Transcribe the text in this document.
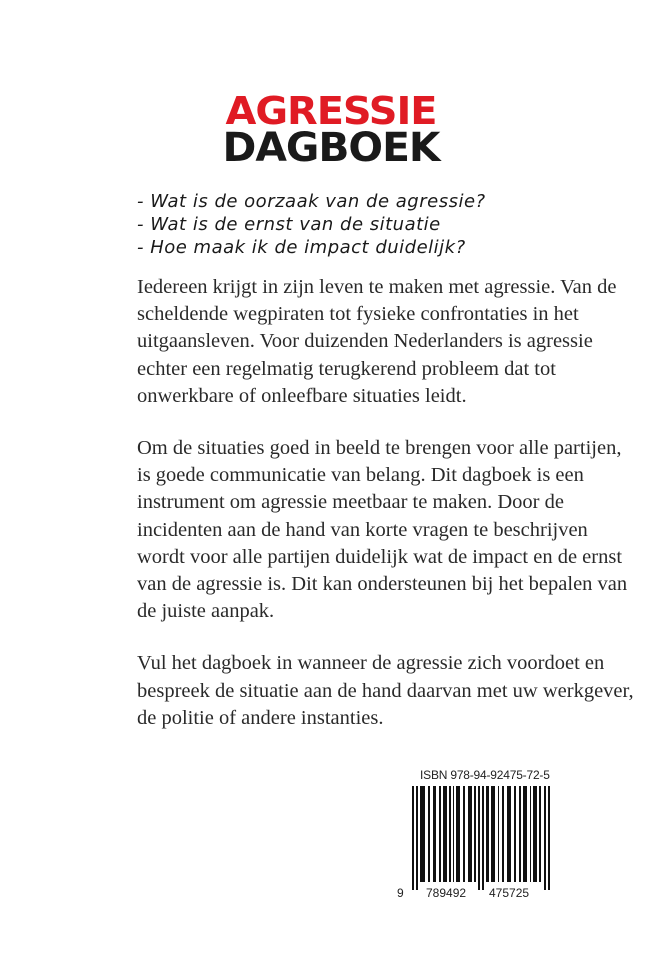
AGRESSIE
DAGBOEK
- Wat is de oorzaak van de agressie?
- Wat is de ernst van de situatie
- Hoe maak ik de impact duidelijk?

Iedereen krijgt in zijn leven te maken met agressie. Van de
scheldende wegpiraten tot fysieke confrontaties in het
uitgaansleven. Voor duizenden Nederlanders is agressie
echter een regelmatig terugkerend probleem dat tot
onwerkbare of onleefbare situaties leidt.

Om de situaties goed in beeld te brengen voor alle partijen,
is goede communicatie van belang. Dit dagboek is een
instrument om agressie meetbaar te maken. Door de
incidenten aan de hand van korte vragen te beschrijven
wordt voor alle partijen duidelijk wat de impact en de ernst
van de agressie is. Dit kan ondersteunen bij het bepalen van
de juiste aanpak.

Vul het dagboek in wanneer de agressie zich voordoet en
bespreek de situatie aan de hand daarvan met uw werkgever,
de politie of andere instanties.

ISBN 978-94-92475-72-5
9 789492 475725
